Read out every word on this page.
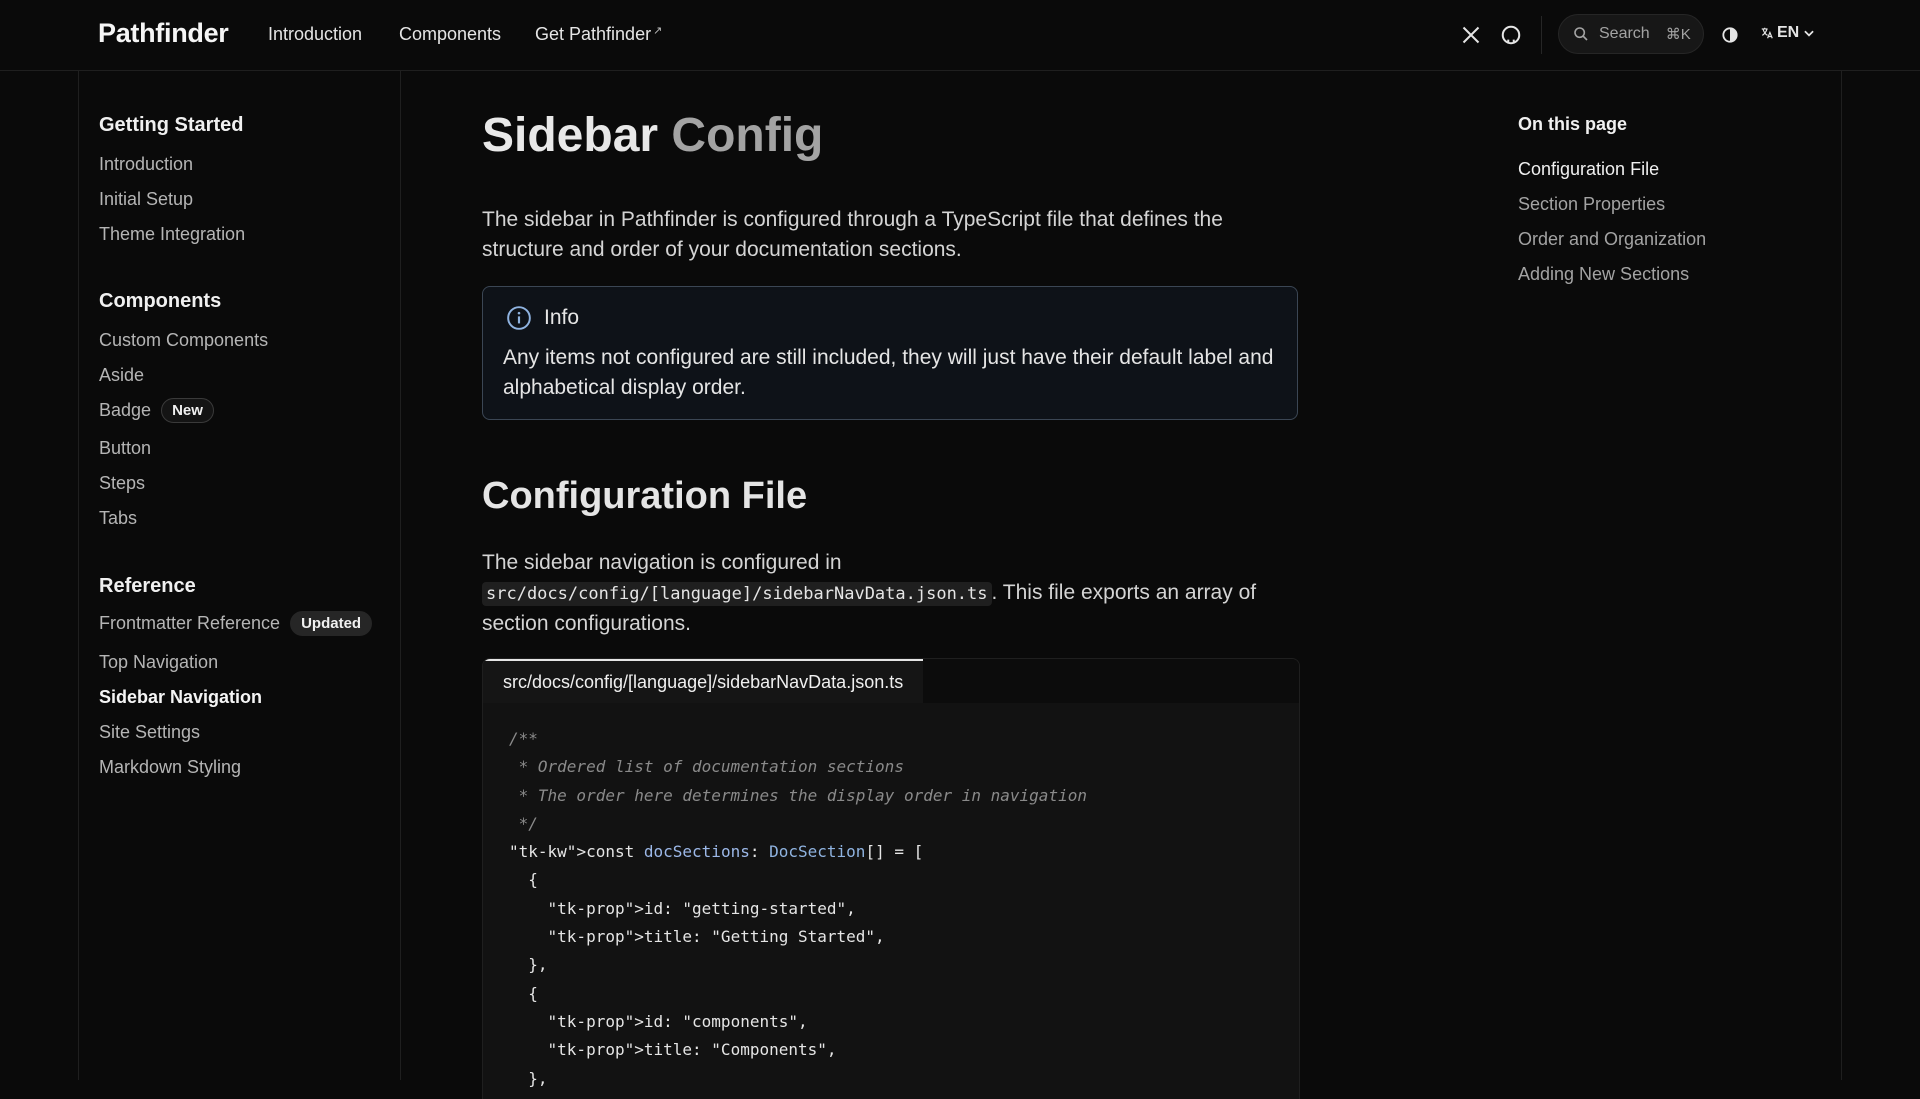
Pathfinder Introduction Components Get Pathfinder ↗	Search ⌘K	EN
Getting Started
Introduction
Initial Setup
Theme Integration
Components
Custom Components
Aside
Badge	New
Button
Steps
Tabs
Reference
Frontmatter Reference	Updated
Top Navigation
Sidebar Navigation
Site Settings
Markdown Styling
Sidebar Config

The sidebar in Pathfinder is configured through a TypeScript file that defines the structure and order of your documentation sections.

Info
Any items not configured are still included, they will just have their default label and alphabetical display order.
Configuration File

The sidebar navigation is configured in
src/docs/config/[language]/sidebarNavData.json.ts . This file exports an array of section configurations.

src/docs/config/[language]/sidebarNavData.json.ts
/**
* Ordered list of documentation sections
* The order here determines the display order in navigation
*/
"tk-kw">const docSections: DocSection[] = [
{
"tk-prop">id: "getting-started",
"tk-prop">title: "Getting Started",
},
{
"tk-prop">id: "components",
"tk-prop">title: "Components",
},
On this page
Configuration File
Section Properties
Order and Organization
Adding New Sections
